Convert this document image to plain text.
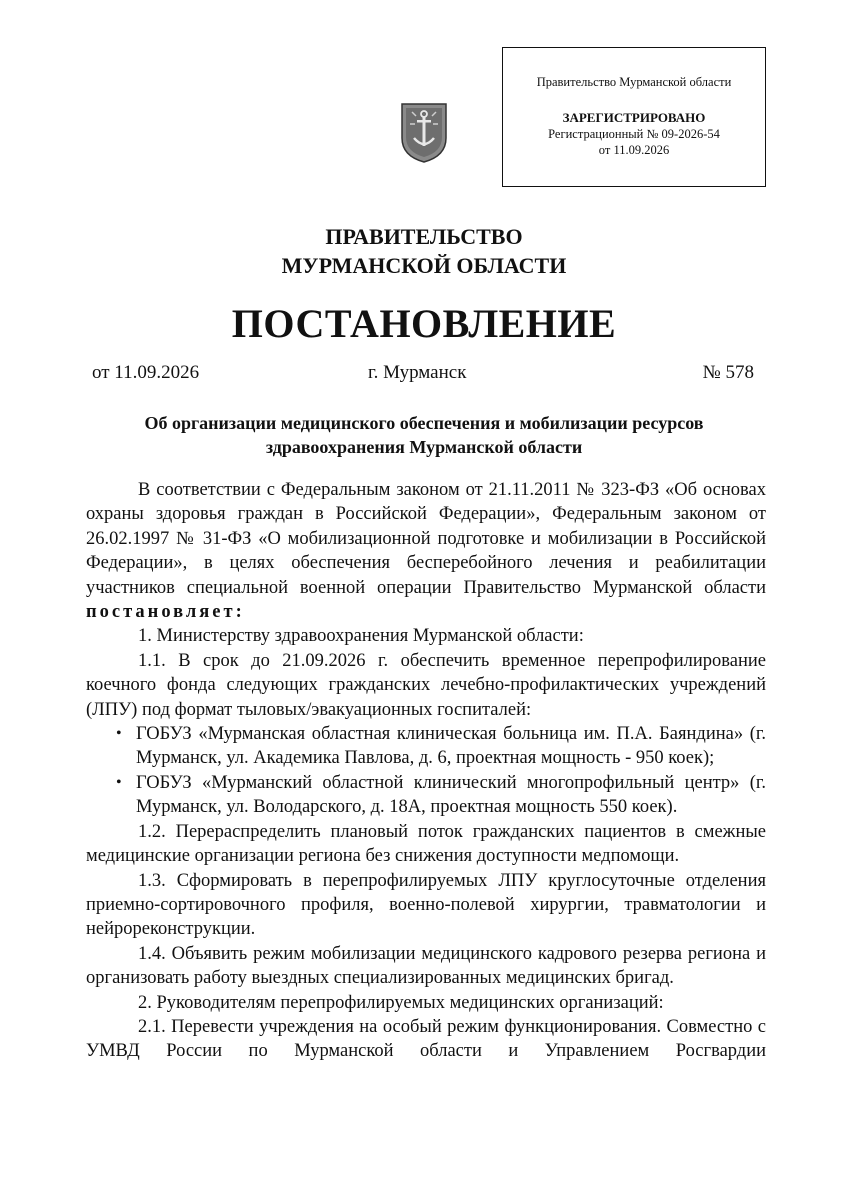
Правительство Мурманской области
ЗАРЕГИСТРИРОВАНО
Регистрационный № 09-2026-54
от 11.09.2026
ПРАВИТЕЛЬСТВО
МУРМАНСКОЙ ОБЛАСТИ
ПОСТАНОВЛЕНИЕ
от 11.09.2026	г. Мурманск	№ 578
Об организации медицинского обеспечения и мобилизации ресурсов
здравоохранения Мурманской области

В соответствии с Федеральным законом от 21.11.2011 № 323-ФЗ «Об основах охраны здоровья граждан в Российской Федерации», Федеральным законом от 26.02.1997 № 31-ФЗ «О мобилизационной подготовке и мобилизации в Российской Федерации», в целях обеспечения бесперебойного лечения и реабилитации участников специальной военной операции Правительство Мурманской области постановляет:

1. Министерству здравоохранения Мурманской области:

1.1. В срок до 21.09.2026 г. обеспечить временное перепрофилирование коечного фонда следующих гражданских лечебно-профилактических учреждений (ЛПУ) под формат тыловых/эвакуационных госпиталей:

• ГОБУЗ «Мурманская областная клиническая больница им. П.А. Баяндина» (г. Мурманск, ул. Академика Павлова, д. 6, проектная мощность - 950 коек);
• ГОБУЗ «Мурманский областной клинический многопрофильный центр» (г. Мурманск, ул. Володарского, д. 18А, проектная мощность 550 коек).

1.2. Перераспределить плановый поток гражданских пациентов в смежные медицинские организации региона без снижения доступности медпомощи.

1.3. Сформировать в перепрофилируемых ЛПУ круглосуточные отделения приемно-сортировочного профиля, военно-полевой хирургии, травматологии и нейрореконструкции.

1.4. Объявить режим мобилизации медицинского кадрового резерва региона и организовать работу выездных специализированных медицинских бригад.

2. Руководителям перепрофилируемых медицинских организаций:

2.1. Перевести учреждения на особый режим функционирования. Совместно с УМВД России по Мурманской области и Управлением Росгвардии
